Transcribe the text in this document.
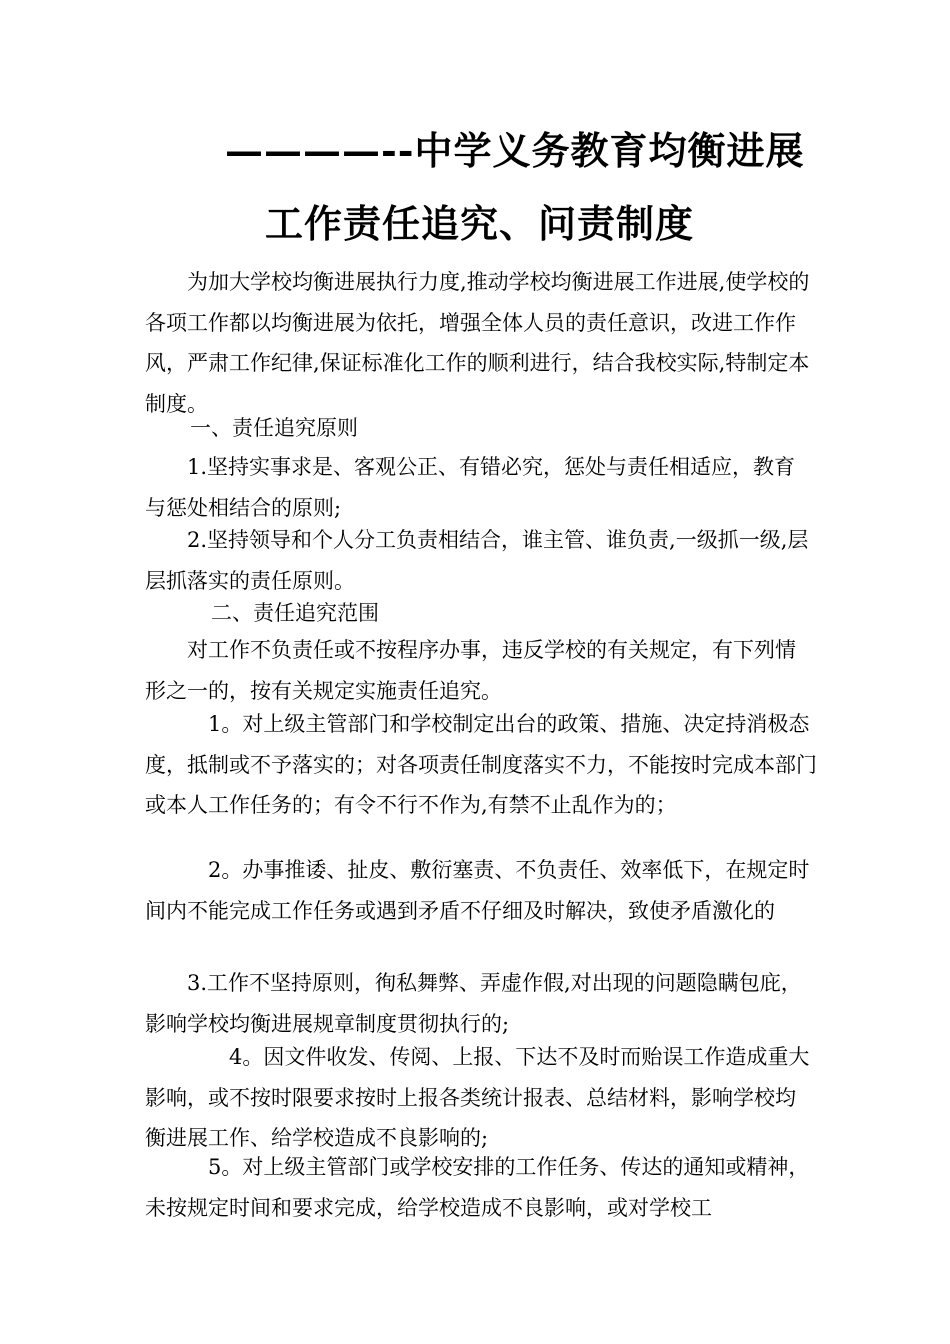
————--中学义务教育均衡进展
工作责任追究、问责制度
为加大学校均衡进展执行力度,推动学校均衡进展工作进展,使学校的各项工作都以均衡进展为依托，增强全体人员的责任意识，改进工作作风，严肃工作纪律,保证标准化工作的顺利进行，结合我校实际,特制定本制度。
一、责任追究原则
1.坚持实事求是、客观公正、有错必究，惩处与责任相适应，教育与惩处相结合的原则;
2.坚持领导和个人分工负责相结合，谁主管、谁负责,一级抓一级,层层抓落实的责任原则。
二、责任追究范围
对工作不负责任或不按程序办事，违反学校的有关规定，有下列情形之一的，按有关规定实施责任追究。
1。对上级主管部门和学校制定出台的政策、措施、决定持消极态度，抵制或不予落实的；对各项责任制度落实不力，不能按时完成本部门或本人工作任务的；有令不行不作为,有禁不止乱作为的；
2。办事推诿、扯皮、敷衍塞责、不负责任、效率低下，在规定时间内不能完成工作任务或遇到矛盾不仔细及时解决，致使矛盾激化的
3.工作不坚持原则，徇私舞弊、弄虚作假,对出现的问题隐瞒包庇，影响学校均衡进展规章制度贯彻执行的;
4。因文件收发、传阅、上报、下达不及时而贻误工作造成重大影响，或不按时限要求按时上报各类统计报表、总结材料，影响学校均衡进展工作、给学校造成不良影响的;
5。对上级主管部门或学校安排的工作任务、传达的通知或精神，未按规定时间和要求完成，给学校造成不良影响，或对学校工
